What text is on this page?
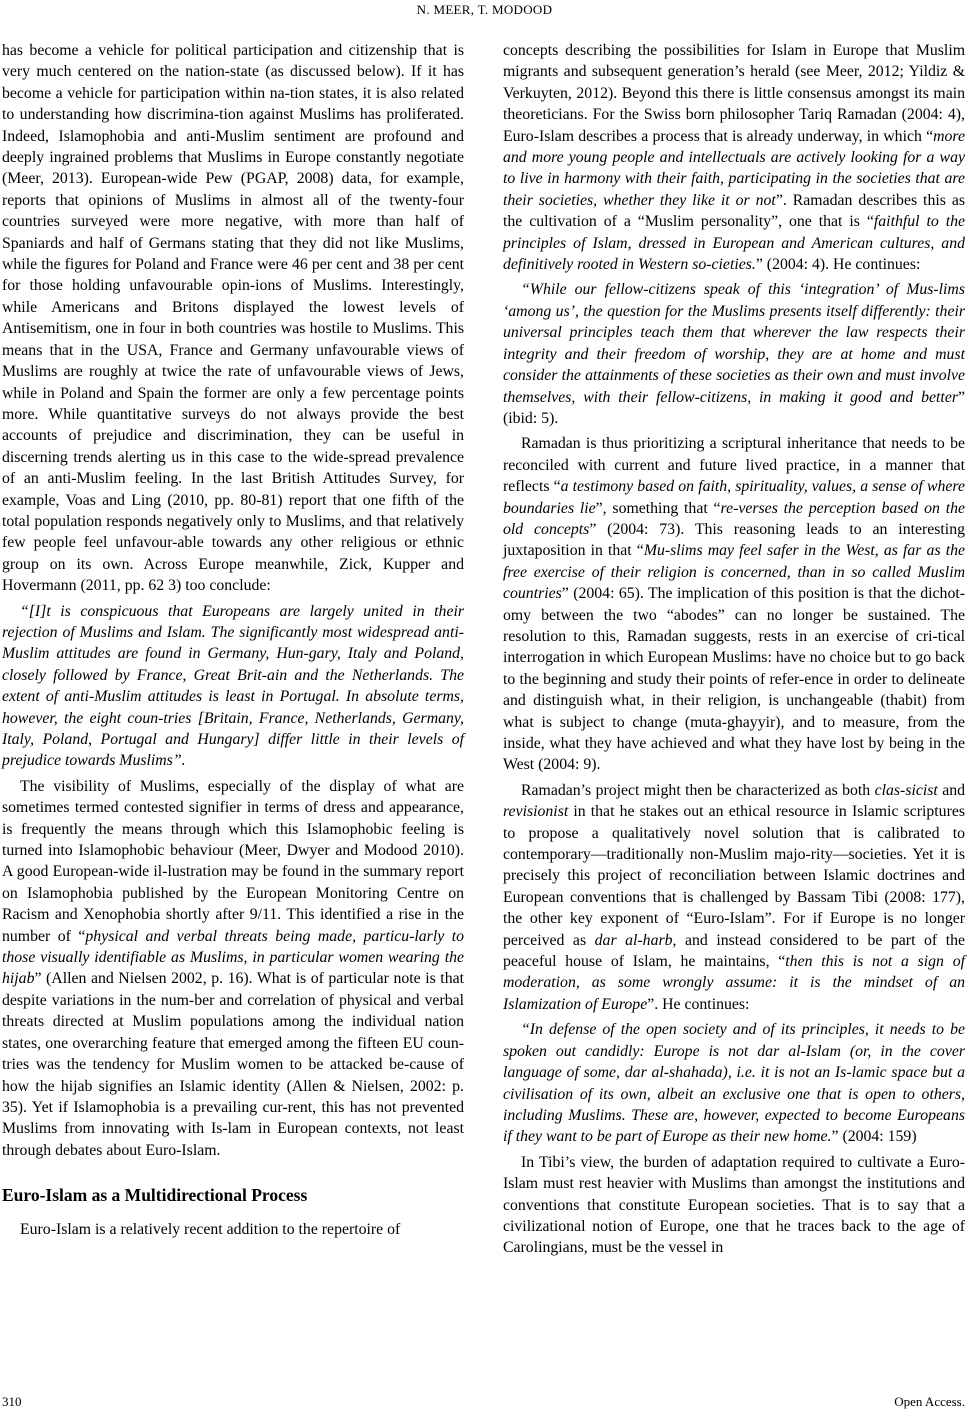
N. MEER, T. MODOOD

has become a vehicle for political participation and citizenship that is very much centered on the nation-state (as discussed below). If it has become a vehicle for participation within na-tion states, it is also related to understanding how discrimina-tion against Muslims has proliferated. Indeed, Islamophobia and anti-Muslim sentiment are profound and deeply ingrained problems that Muslims in Europe constantly negotiate (Meer, 2013). European-wide Pew (PGAP, 2008) data, for example, reports that opinions of Muslims in almost all of the twenty-four countries surveyed were more negative, with more than half of Spaniards and half of Germans stating that they did not like Muslims, while the figures for Poland and France were 46 per cent and 38 per cent for those holding unfavourable opin-ions of Muslims. Interestingly, while Americans and Britons displayed the lowest levels of Antisemitism, one in four in both countries was hostile to Muslims. This means that in the USA, France and Germany unfavourable views of Muslims are roughly at twice the rate of unfavourable views of Jews, while in Poland and Spain the former are only a few percentage points more. While quantitative surveys do not always provide the best accounts of prejudice and discrimination, they can be useful in discerning trends alerting us in this case to the wide-spread prevalence of an anti-Muslim feeling. In the last British Attitudes Survey, for example, Voas and Ling (2010, pp. 80-81) report that one fifth of the total population responds negatively only to Muslims, and that relatively few people feel unfavour-able towards any other religious or ethnic group on its own. Across Europe meanwhile, Zick, Kupper and Hovermann (2011, pp. 62 3) too conclude:

“[I]t is conspicuous that Europeans are largely united in their rejection of Muslims and Islam. The significantly most widespread anti-Muslim attitudes are found in Germany, Hun-gary, Italy and Poland, closely followed by France, Great Brit-ain and the Netherlands. The extent of anti-Muslim attitudes is least in Portugal. In absolute terms, however, the eight coun-tries [Britain, France, Netherlands, Germany, Italy, Poland, Portugal and Hungary] differ little in their levels of prejudice towards Muslims”.

The visibility of Muslims, especially of the display of what are sometimes termed contested signifier in terms of dress and appearance, is frequently the means through which this Islamophobic feeling is turned into Islamophobic behaviour (Meer, Dwyer and Modood 2010). A good European-wide il-lustration may be found in the summary report on Islamophobia published by the European Monitoring Centre on Racism and Xenophobia shortly after 9/11. This identified a rise in the number of “physical and verbal threats being made, particu-larly to those visually identifiable as Muslims, in particular women wearing the hijab” (Allen and Nielsen 2002, p. 16). What is of particular note is that despite variations in the num-ber and correlation of physical and verbal threats directed at Muslim populations among the individual nation states, one overarching feature that emerged among the fifteen EU coun-tries was the tendency for Muslim women to be attacked be-cause of how the hijab signifies an Islamic identity (Allen & Nielsen, 2002: p. 35). Yet if Islamophobia is a prevailing cur-rent, this has not prevented Muslims from innovating with Is-lam in European contexts, not least through debates about Euro-Islam.

Euro-Islam as a Multidirectional Process

Euro-Islam is a relatively recent addition to the repertoire of

concepts describing the possibilities for Islam in Europe that Muslim migrants and subsequent generation’s herald (see Meer, 2012; Yildiz & Verkuyten, 2012). Beyond this there is little consensus amongst its main theoreticians. For the Swiss born philosopher Tariq Ramadan (2004: 4), Euro-Islam describes a process that is already underway, in which “more and more young people and intellectuals are actively looking for a way to live in harmony with their faith, participating in the societies that are their societies, whether they like it or not”. Ramadan describes this as the cultivation of a “Muslim personality”, one that is “faithful to the principles of Islam, dressed in European and American cultures, and definitively rooted in Western so-cieties.” (2004: 4). He continues:

“While our fellow-citizens speak of this ‘integration’ of Mus-lims ‘among us’, the question for the Muslims presents itself differently: their universal principles teach them that wherever the law respects their integrity and their freedom of worship, they are at home and must consider the attainments of these societies as their own and must involve themselves, with their fellow-citizens, in making it good and better” (ibid: 5).

Ramadan is thus prioritizing a scriptural inheritance that needs to be reconciled with current and future lived practice, in a manner that reflects “a testimony based on faith, spirituality, values, a sense of where boundaries lie”, something that “re-verses the perception based on the old concepts” (2004: 73). This reasoning leads to an interesting juxtaposition in that “Mu-slims may feel safer in the West, as far as the free exercise of their religion is concerned, than in so called Muslim countries” (2004: 65). The implication of this position is that the dichot-omy between the two “abodes” can no longer be sustained. The resolution to this, Ramadan suggests, rests in an exercise of cri-tical interrogation in which European Muslims: have no choice but to go back to the beginning and study their points of refer-ence in order to delineate and distinguish what, in their religion, is unchangeable (thabit) from what is subject to change (muta-ghayyir), and to measure, from the inside, what they have achieved and what they have lost by being in the West (2004: 9).

Ramadan’s project might then be characterized as both clas-sicist and revisionist in that he stakes out an ethical resource in Islamic scriptures to propose a qualitatively novel solution that is calibrated to contemporary—traditionally non-Muslim majo-rity—societies. Yet it is precisely this project of reconciliation between Islamic doctrines and European conventions that is challenged by Bassam Tibi (2008: 177), the other key exponent of “Euro-Islam”. For if Europe is no longer perceived as dar al-harb, and instead considered to be part of the peaceful house of Islam, he maintains, “then this is not a sign of moderation, as some wrongly assume: it is the mindset of an Islamization of Europe”. He continues:

“In defense of the open society and of its principles, it needs to be spoken out candidly: Europe is not dar al-Islam (or, in the cover language of some, dar al-shahada), i.e. it is not an Is-lamic space but a civilisation of its own, albeit an exclusive one that is open to others, including Muslims. These are, however, expected to become Europeans if they want to be part of Europe as their new home.” (2004: 159)

In Tibi’s view, the burden of adaptation required to cultivate a Euro-Islam must rest heavier with Muslims than amongst the institutions and conventions that constitute European societies. That is to say that a civilizational notion of Europe, one that he traces back to the age of Carolingians, must be the vessel in

310	Open Access.
